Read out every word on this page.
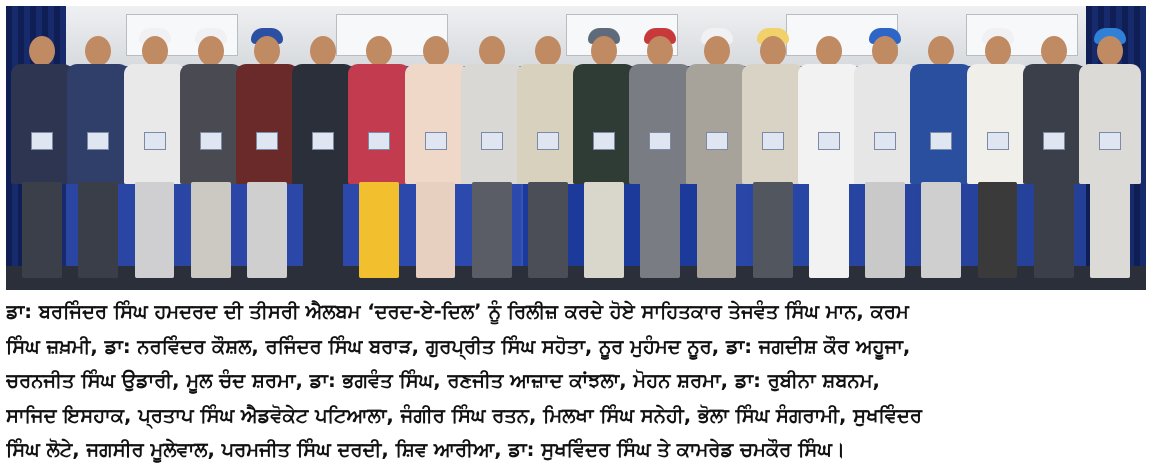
ਡਾ: ਬਰਜਿੰਦਰ ਸਿੰਘ ਹਮਦਰਦ ਦੀ ਤੀਸਰੀ ਐਲਬਮ ‘ਦਰਦ-ਏ-ਦਿਲ’ ਨੂੰ ਰਿਲੀਜ਼ ਕਰਦੇ ਹੋਏ ਸਾਹਿਤਕਾਰ ਤੇਜਵੰਤ ਸਿੰਘ ਮਾਨ, ਕਰਮ
ਸਿੰਘ ਜ਼ਖ਼ਮੀ, ਡਾ: ਨਰਵਿੰਦਰ ਕੌਸ਼ਲ, ਰਜਿੰਦਰ ਸਿੰਘ ਬਰਾੜ, ਗੁਰਪ੍ਰੀਤ ਸਿੰਘ ਸਹੋਤਾ, ਨੂਰ ਮੁਹੰਮਦ ਨੂਰ, ਡਾ: ਜਗਦੀਸ਼ ਕੌਰ ਅਹੂਜਾ,
ਚਰਨਜੀਤ ਸਿੰਘ ਉਡਾਰੀ, ਮੂਲ ਚੰਦ ਸ਼ਰਮਾ, ਡਾ: ਭਗਵੰਤ ਸਿੰਘ, ਰਣਜੀਤ ਆਜ਼ਾਦ ਕਾਂਝਲਾ, ਮੋਹਨ ਸ਼ਰਮਾ, ਡਾ: ਰੁਬੀਨਾ ਸ਼ਬਨਮ,
ਸਾਜਿਦ ਇਸਹਾਕ, ਪ੍ਰਤਾਪ ਸਿੰਘ ਐਡਵੋਕੇਟ ਪਟਿਆਲਾ, ਜੰਗੀਰ ਸਿੰਘ ਰਤਨ, ਮਿਲਖਾ ਸਿੰਘ ਸਨੇਹੀ, ਭੋਲਾ ਸਿੰਘ ਸੰਗਰਾਮੀ, ਸੁਖਵਿੰਦਰ
ਸਿੰਘ ਲੋਟੇ, ਜਗਸੀਰ ਮੂਲੇਵਾਲ, ਪਰਮਜੀਤ ਸਿੰਘ ਦਰਦੀ, ਸ਼ਿਵ ਆਰੀਆ, ਡਾ: ਸੁਖਵਿੰਦਰ ਸਿੰਘ ਤੇ ਕਾਮਰੇਡ ਚਮਕੌਰ ਸਿੰਘ।
